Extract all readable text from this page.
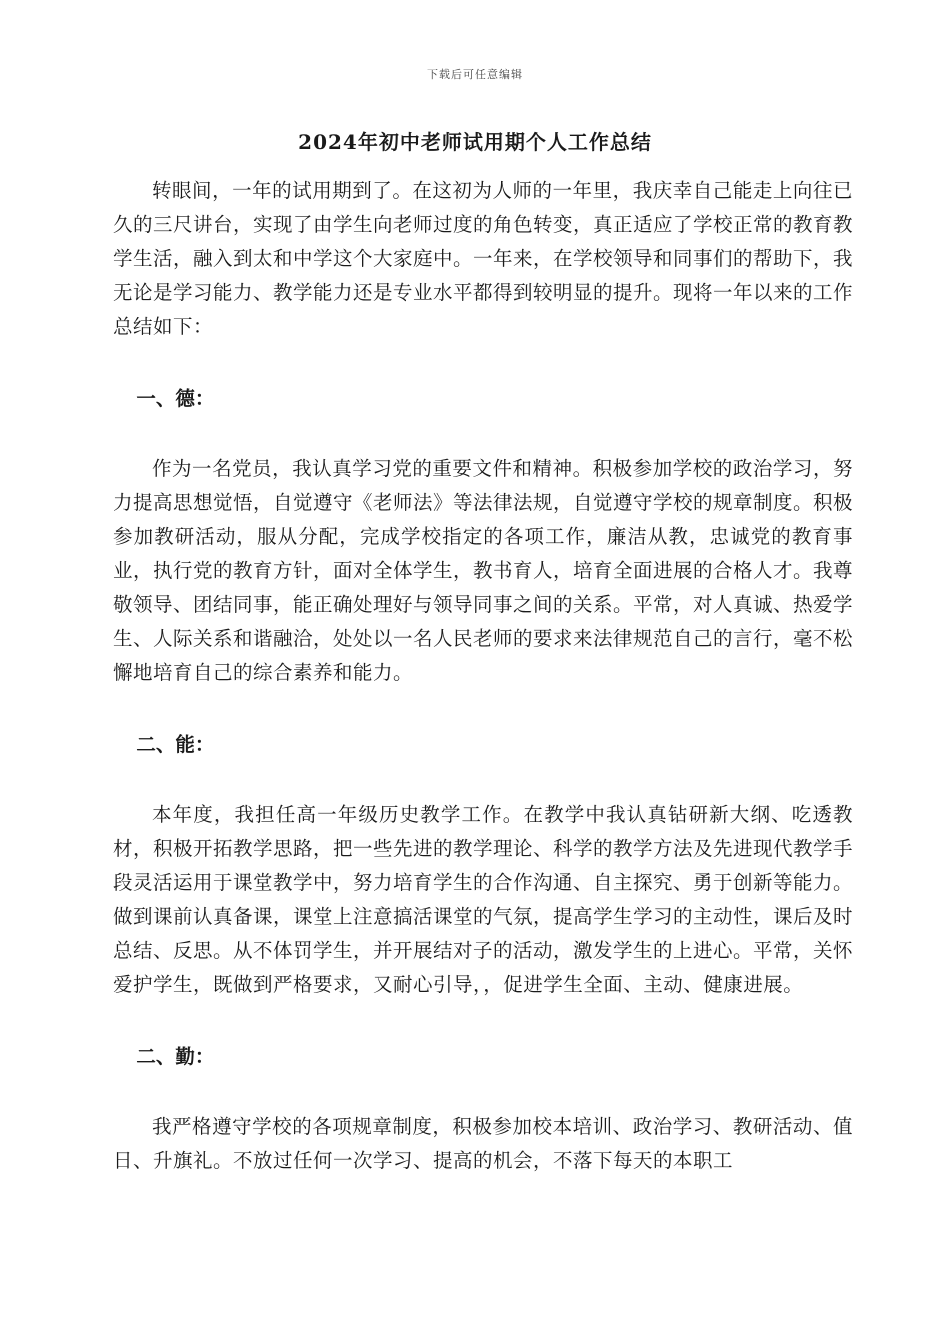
下载后可任意编辑
2024年初中老师试用期个人工作总结

转眼间，一年的试用期到了。在这初为人师的一年里，我庆幸自己能走上向往已久的三尺讲台，实现了由学生向老师过度的角色转变，真正适应了学校正常的教育教学生活，融入到太和中学这个大家庭中。一年来，在学校领导和同事们的帮助下，我无论是学习能力、教学能力还是专业水平都得到较明显的提升。现将一年以来的工作总结如下：

一、德：

作为一名党员，我认真学习党的重要文件和精神。积极参加学校的政治学习，努力提高思想觉悟，自觉遵守《老师法》等法律法规，自觉遵守学校的规章制度。积极参加教研活动，服从分配，完成学校指定的各项工作，廉洁从教，忠诚党的教育事业，执行党的教育方针，面对全体学生，教书育人，培育全面进展的合格人才。我尊敬领导、团结同事，能正确处理好与领导同事之间的关系。平常，对人真诚、热爱学生、人际关系和谐融洽，处处以一名人民老师的要求来法律规范自己的言行，毫不松懈地培育自己的综合素养和能力。

二、能：

本年度，我担任高一年级历史教学工作。在教学中我认真钻研新大纲、吃透教材，积极开拓教学思路，把一些先进的教学理论、科学的教学方法及先进现代教学手段灵活运用于课堂教学中，努力培育学生的合作沟通、自主探究、勇于创新等能力。做到课前认真备课，课堂上注意搞活课堂的气氛，提高学生学习的主动性，课后及时总结、反思。从不体罚学生，并开展结对子的活动，激发学生的上进心。平常，关怀爱护学生，既做到严格要求，又耐心引导，，促进学生全面、主动、健康进展。

二、勤：

我严格遵守学校的各项规章制度，积极参加校本培训、政治学习、教研活动、值日、升旗礼。不放过任何一次学习、提高的机会，不落下每天的本职工
